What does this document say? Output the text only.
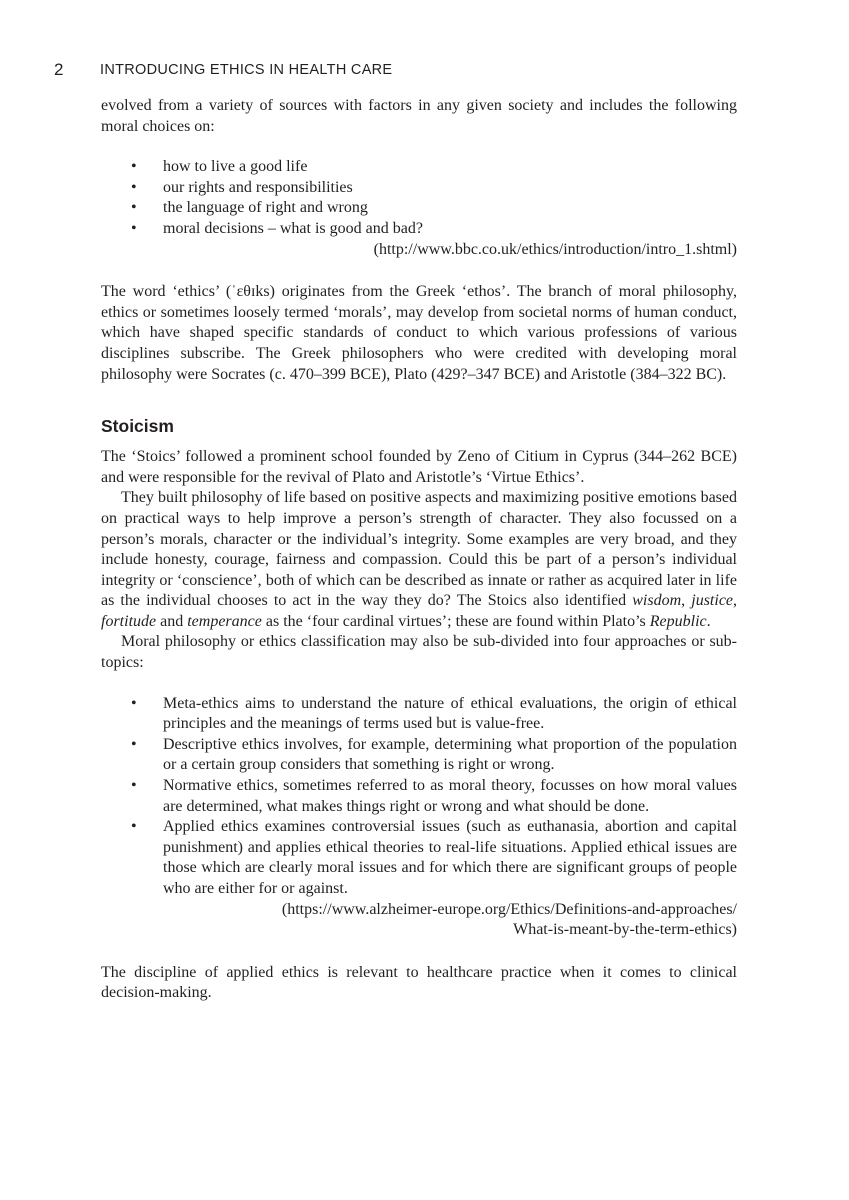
2	INTRODUCING ETHICS IN HEALTH CARE

evolved from a variety of sources with factors in any given society and includes the following moral choices on:

• how to live a good life
• our rights and responsibilities
• the language of right and wrong
• moral decisions – what is good and bad?

(http://www.bbc.co.uk/ethics/introduction/intro_1.shtml)

The word ‘ethics’ (ˈɛθɪks) originates from the Greek ‘ethos’. The branch of moral philosophy, ethics or sometimes loosely termed ‘morals’, may develop from societal norms of human conduct, which have shaped specific standards of conduct to which various professions of various disciplines subscribe. The Greek philosophers who were credited with developing moral philosophy were Socrates (c. 470–399 BCE), Plato (429?–347 BCE) and Aristotle (384–322 BC).

Stoicism

The ‘Stoics’ followed a prominent school founded by Zeno of Citium in Cyprus (344–262 BCE) and were responsible for the revival of Plato and Aristotle’s ‘Virtue Ethics’.

They built philosophy of life based on positive aspects and maximizing positive emotions based on practical ways to help improve a person’s strength of character. They also focussed on a person’s morals, character or the individual’s integrity. Some examples are very broad, and they include honesty, courage, fairness and compassion. Could this be part of a person’s individual integrity or ‘conscience’, both of which can be described as innate or rather as acquired later in life as the individual chooses to act in the way they do? The Stoics also identified wisdom, justice, fortitude and temperance as the ‘four cardinal virtues’; these are found within Plato’s Republic.

Moral philosophy or ethics classification may also be sub-divided into four approaches or sub- topics:

• Meta-ethics aims to understand the nature of ethical evaluations, the origin of ethical principles and the meanings of terms used but is value-free.
• Descriptive ethics involves, for example, determining what proportion of the population or a certain group considers that something is right or wrong.
• Normative ethics, sometimes referred to as moral theory, focusses on how moral values are determined, what makes things right or wrong and what should be done.
• Applied ethics examines controversial issues (such as euthanasia, abortion and capital punishment) and applies ethical theories to real-life situations. Applied ethical issues are those which are clearly moral issues and for which there are significant groups of people who are either for or against.

(https://www.alzheimer-europe.org/Ethics/Definitions-and-approaches/

What-is-meant-by-the-term-ethics)

The discipline of applied ethics is relevant to healthcare practice when it comes to clinical decision-making.
